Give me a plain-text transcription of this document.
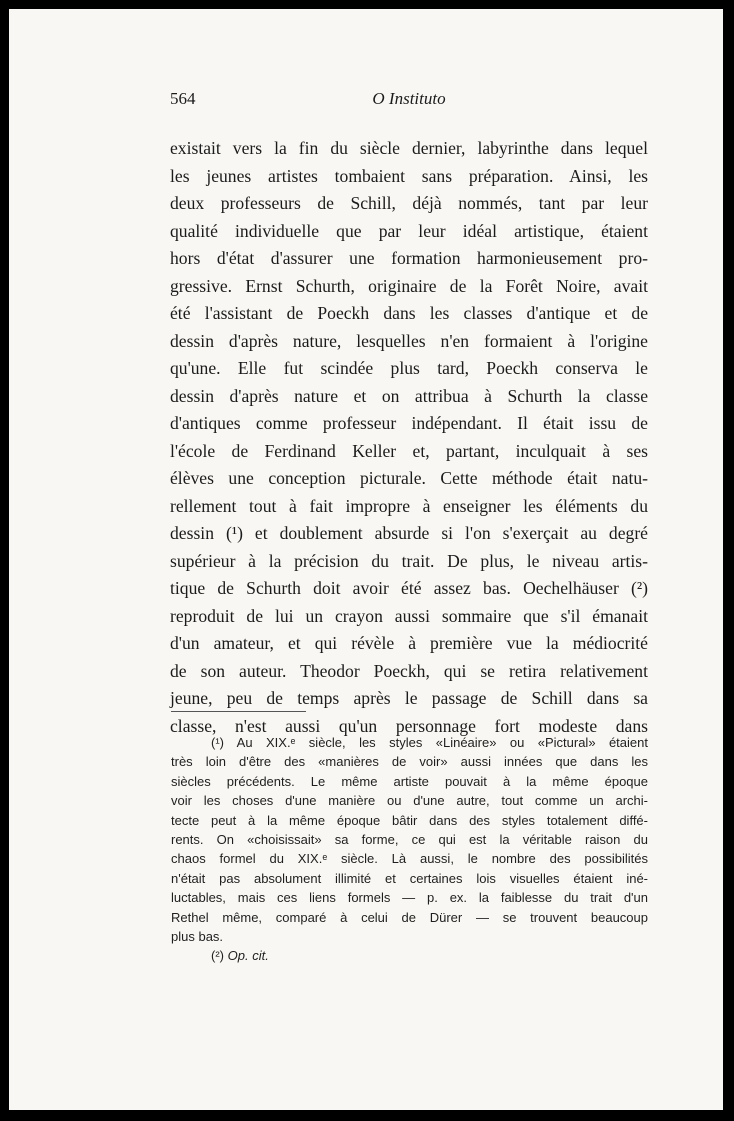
564	O Instituto
existait vers la fin du siècle dernier, labyrinthe dans lequel
les jeunes artistes tombaient sans préparation. Ainsi, les
deux professeurs de Schill, déjà nommés, tant par leur
qualité individuelle que par leur idéal artistique, étaient
hors d'état d'assurer une formation harmonieusement pro-
gressive. Ernst Schurth, originaire de la Forêt Noire, avait
été l'assistant de Poeckh dans les classes d'antique et de
dessin d'après nature, lesquelles n'en formaient à l'origine
qu'une. Elle fut scindée plus tard, Poeckh conserva le
dessin d'après nature et on attribua à Schurth la classe
d'antiques comme professeur indépendant. Il était issu de
l'école de Ferdinand Keller et, partant, inculquait à ses
élèves une conception picturale. Cette méthode était natu-
rellement tout à fait impropre à enseigner les éléments du
dessin (¹) et doublement absurde si l'on s'exerçait au degré
supérieur à la précision du trait. De plus, le niveau artis-
tique de Schurth doit avoir été assez bas. Oechelhäuser (²)
reproduit de lui un crayon aussi sommaire que s'il émanait
d'un amateur, et qui révèle à première vue la médiocrité
de son auteur. Theodor Poeckh, qui se retira relativement
jeune, peu de temps après le passage de Schill dans sa
classe, n'est aussi qu'un personnage fort modeste dans
(¹) Au XIX.ᵉ siècle, les styles «Linéaire» ou «Pictural» étaient
très loin d'être des «manières de voir» aussi innées que dans les
siècles précédents. Le même artiste pouvait à la même époque
voir les choses d'une manière ou d'une autre, tout comme un archi-
tecte peut à la même époque bâtir dans des styles totalement diffé-
rents. On «choisissait» sa forme, ce qui est la véritable raison du
chaos formel du XIX.ᵉ siècle. Là aussi, le nombre des possibilités
n'était pas absolument illimité et certaines lois visuelles étaient iné-
luctables, mais ces liens formels — p. ex. la faiblesse du trait d'un
Rethel même, comparé à celui de Dürer — se trouvent beaucoup
plus bas.
(²) Op. cit.
